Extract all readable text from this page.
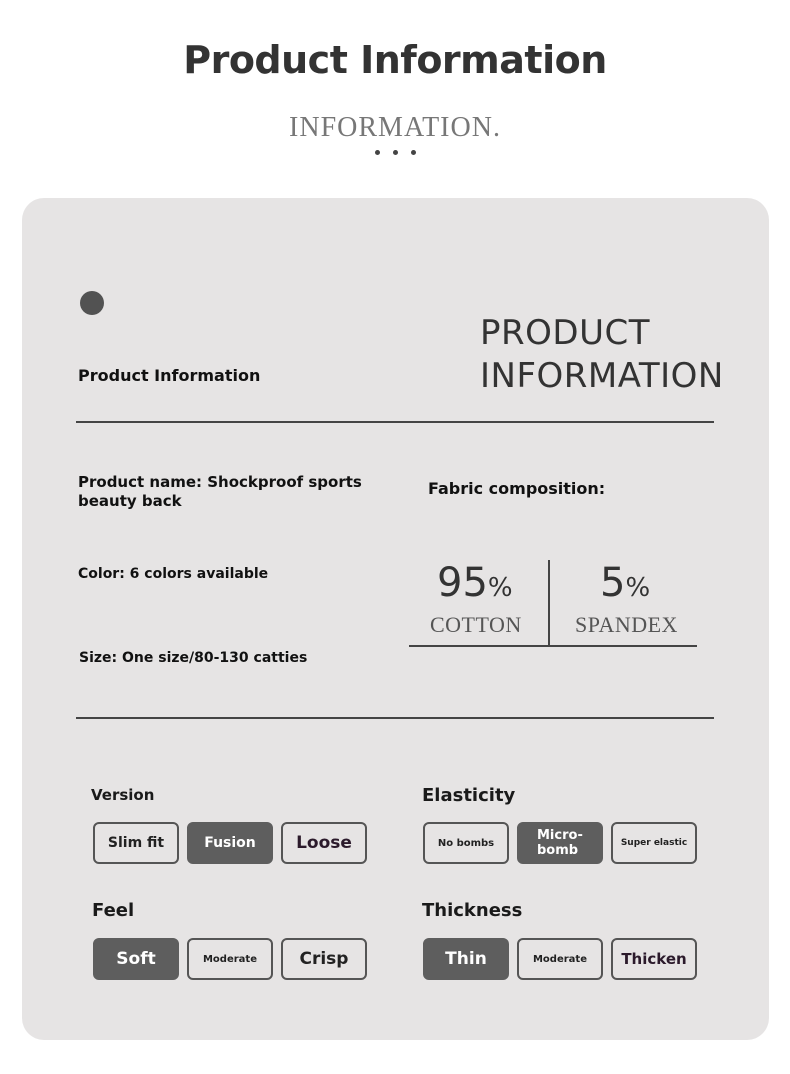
Product Information
INFORMATION.
Product Information
PRODUCT
INFORMATION
Product name: Shockproof sports
beauty back
Color: 6 colors available
Size: One size/80-130 catties
Fabric composition:
95%
COTTON
5%
SPANDEX
Version
Slim fit	Fusion	Loose
Elasticity
No bombs	Micro-
bomb
Super elastic
Feel
Soft	Moderate	Crisp
Thickness
Thin	Moderate	Thicken
